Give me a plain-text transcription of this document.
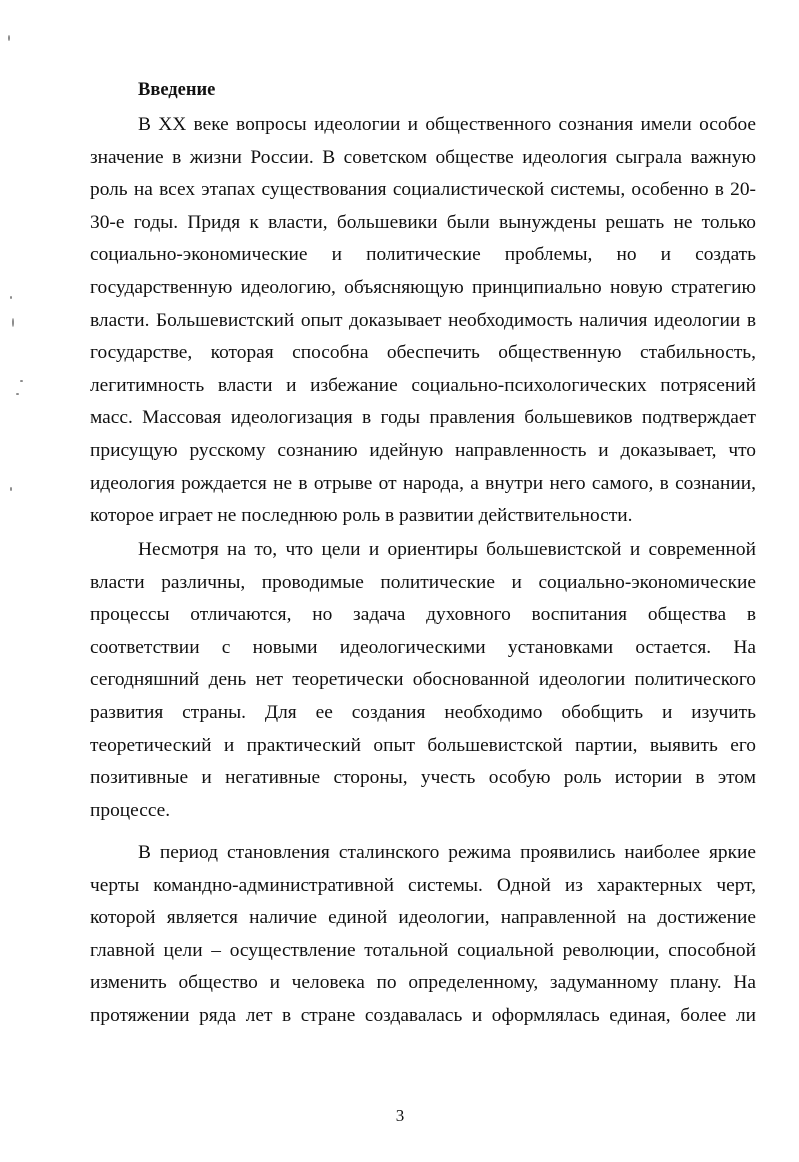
Введение

В XX веке вопросы идеологии и общественного сознания имели особое
значение в жизни России. В советском обществе идеология сыграла важную
роль на всех этапах существования социалистической системы, особенно в 20-
30-е годы. Придя к власти, большевики были вынуждены решать не только
социально-экономические и политические проблемы, но и создать
государственную идеологию, объясняющую принципиально новую стратегию
власти. Большевистский опыт доказывает необходимость наличия идеологии в
государстве, которая способна обеспечить общественную стабильность,
легитимность власти и избежание социально-психологических потрясений
масс. Массовая идеологизация в годы правления большевиков подтверждает
присущую русскому сознанию идейную направленность и доказывает, что
идеология рождается не в отрыве от народа, а внутри него самого, в сознании,
которое играет не последнюю роль в развитии действительности.

Несмотря на то, что цели и ориентиры большевистской и современной
власти различны, проводимые политические и социально-экономические
процессы отличаются, но задача духовного воспитания общества в
соответствии с новыми идеологическими установками остается. На
сегодняшний день нет теоретически обоснованной идеологии политического
развития страны. Для ее создания необходимо обобщить и изучить
теоретический и практический опыт большевистской партии, выявить его
позитивные и негативные стороны, учесть особую роль истории в этом
процессе.

В период становления сталинского режима проявились наиболее яркие
черты командно-административной системы. Одной из характерных черт,
которой является наличие единой идеологии, направленной на достижение
главной цели – осуществление тотальной социальной революции, способной
изменить общество и человека по определенному, задуманному плану. На
протяжении ряда лет в стране создавалась и оформлялась единая, более ли

3
